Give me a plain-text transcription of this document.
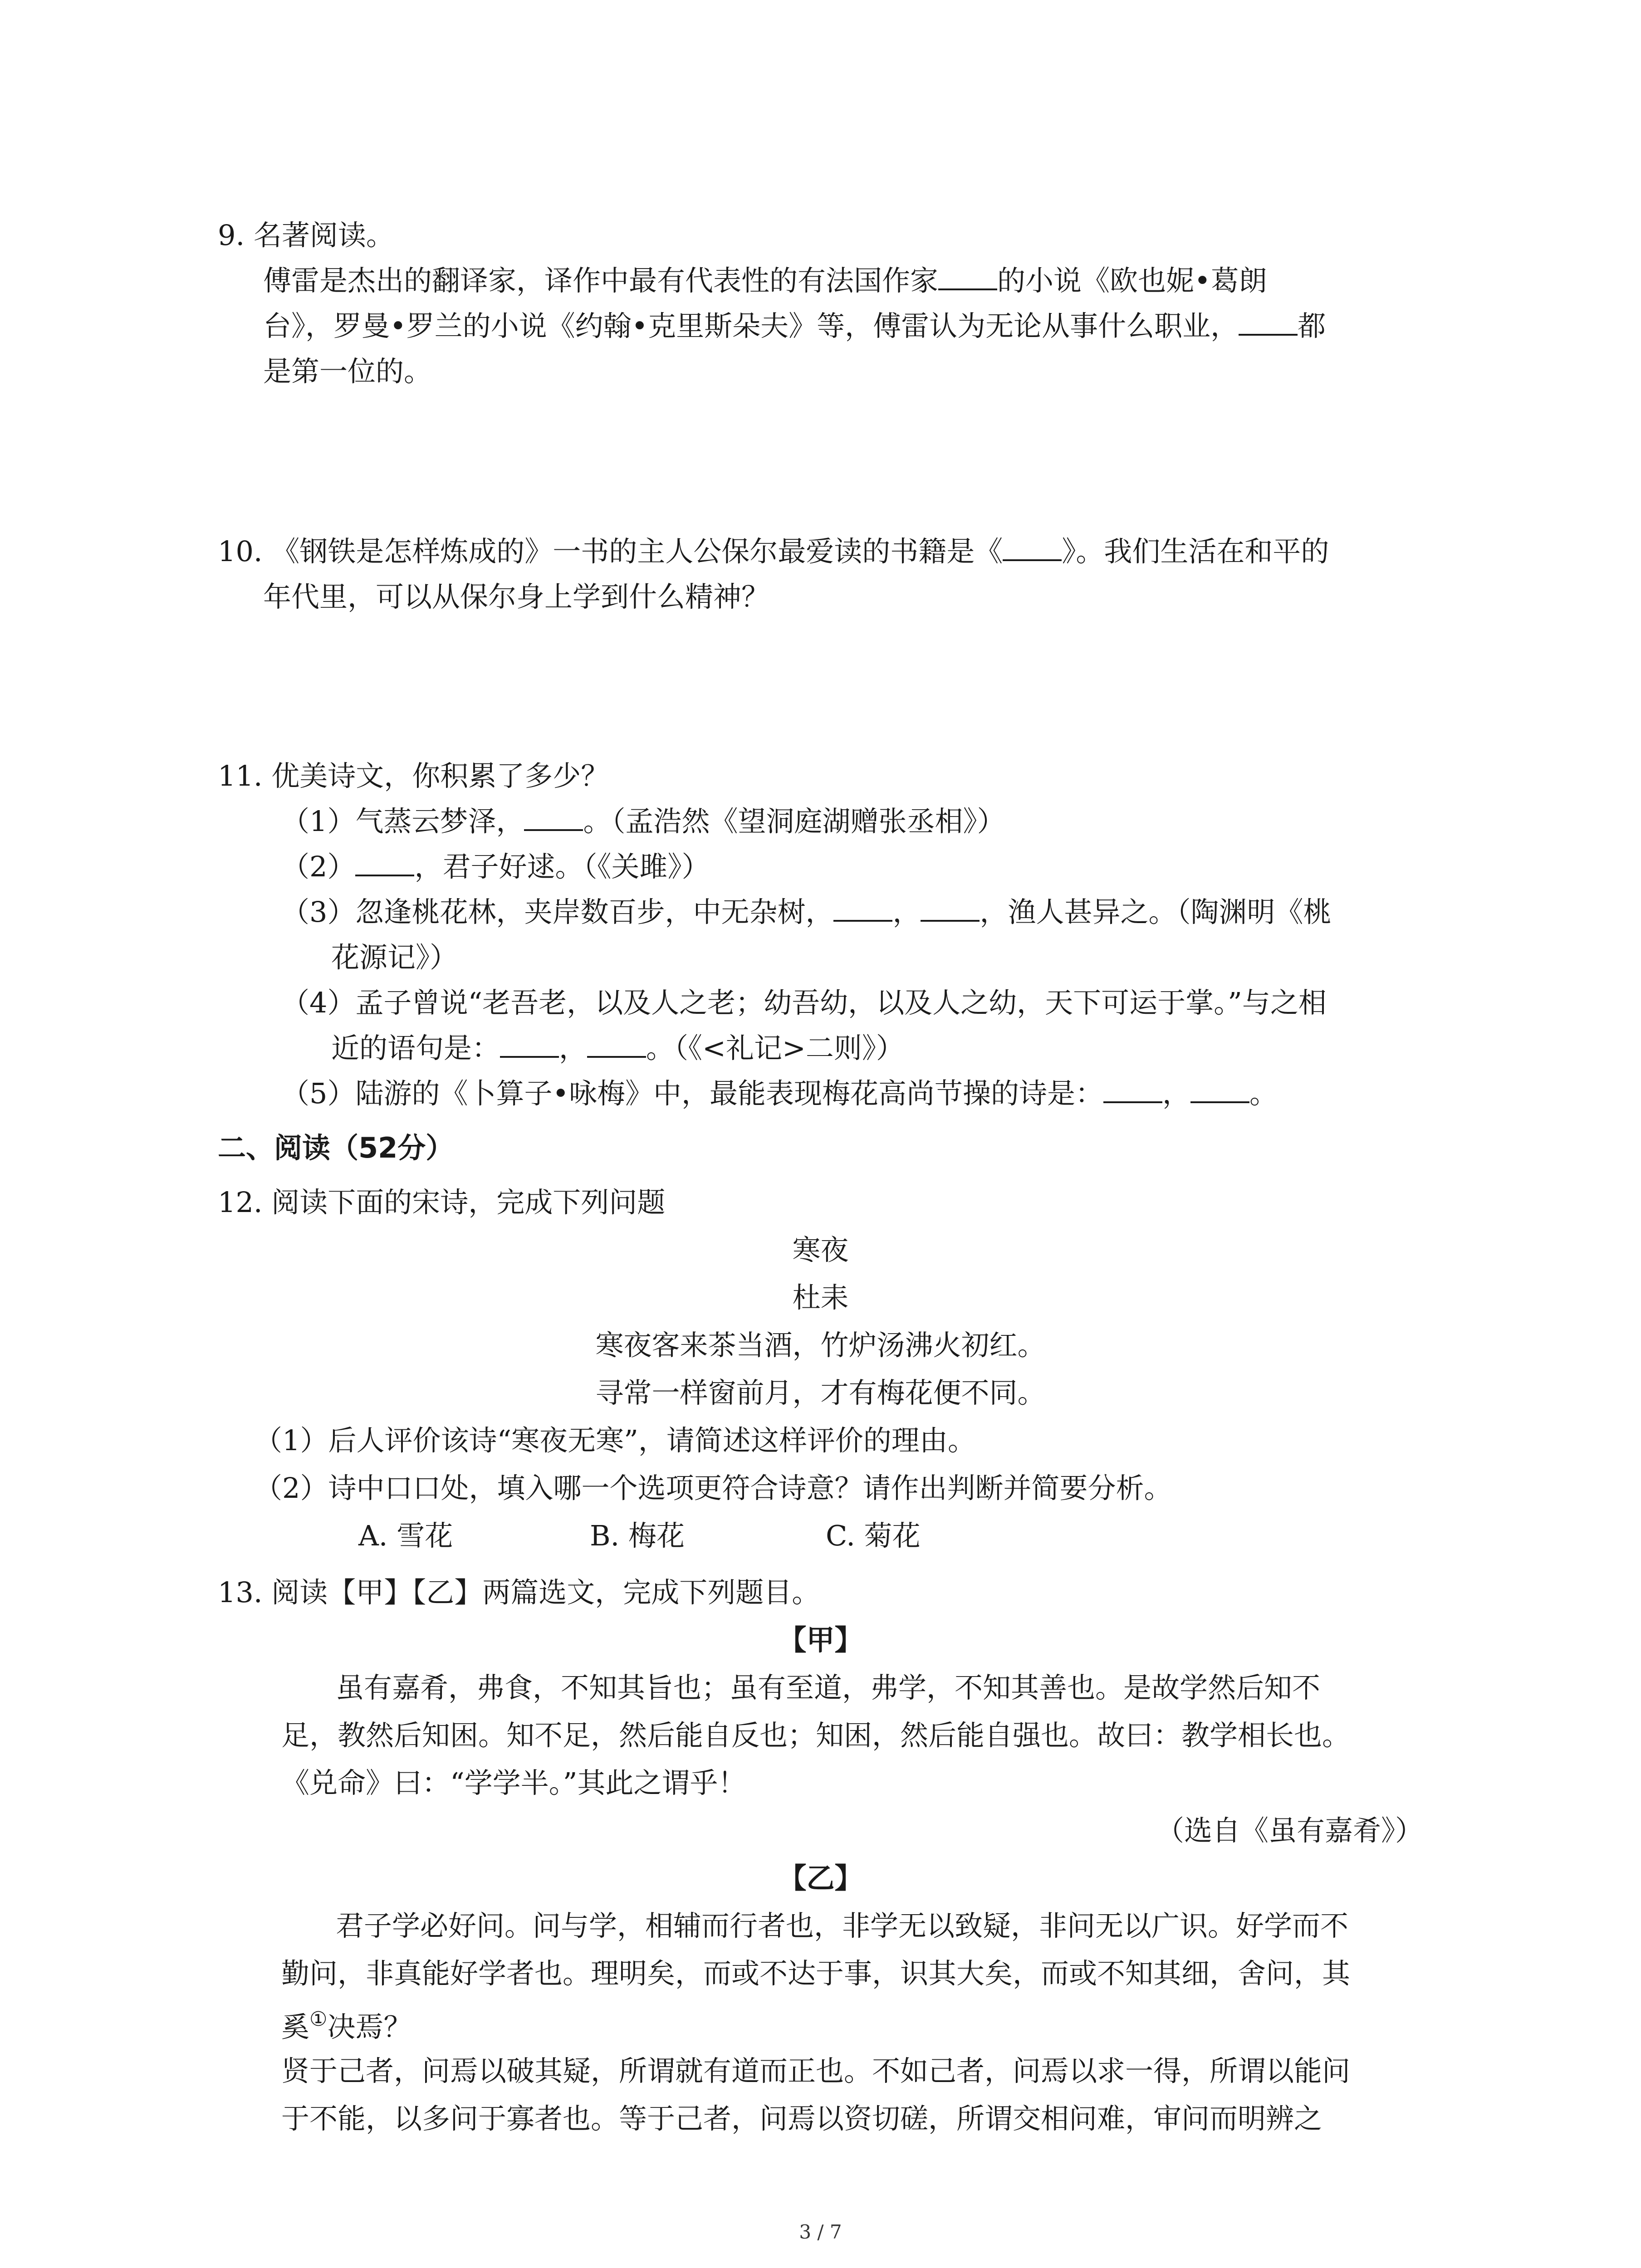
9. 名著阅读。
傅雷是杰出的翻译家，译作中最有代表性的有法国作家 的小说《欧也妮•葛朗
台》，罗曼•罗兰的小说《约翰•克里斯朵夫》等，傅雷认为无论从事什么职业， 都
是第一位的。
10. 《钢铁是怎样炼成的》一书的主人公保尔最爱读的书籍是《 》。我们生活在和平的
年代里，可以从保尔身上学到什么精神？
11. 优美诗文，你积累了多少？
（1）气蒸云梦泽， 。（孟浩然《望洞庭湖赠张丞相》）
（2） ，君子好逑。（《关雎》）
（3）忽逢桃花林，夹岸数百步，中无杂树， ， ，渔人甚异之。（陶渊明《桃
花源记》）
（4）孟子曾说“老吾老，以及人之老；幼吾幼，以及人之幼，天下可运于掌。”与之相
近的语句是： ， 。（《<礼记>二则》）
（5）陆游的《卜算子•咏梅》中，最能表现梅花高尚节操的诗是： ， 。
二、阅读（52分）
12. 阅读下面的宋诗，完成下列问题
寒夜
杜耒
寒夜客来茶当酒，竹炉汤沸火初红。
寻常一样窗前月，才有梅花便不同。
（1）后人评价该诗“寒夜无寒”，请简述这样评价的理由。
（2）诗中口口处，填入哪一个选项更符合诗意？请作出判断并简要分析。
A. 雪花	B. 梅花	C. 菊花
13. 阅读【甲】【乙】两篇选文，完成下列题目。
【甲】
虽有嘉肴，弗食，不知其旨也；虽有至道，弗学，不知其善也。是故学然后知不
足，教然后知困。知不足，然后能自反也；知困，然后能自强也。故曰：教学相长也。
《兑命》曰：“学学半。”其此之谓乎！
（选自《虽有嘉肴》）
【乙】
君子学必好问。问与学，相辅而行者也，非学无以致疑，非问无以广识。好学而不
勤问，非真能好学者也。理明矣，而或不达于事，识其大矣，而或不知其细，舍问，其
奚①决焉？
贤于己者，问焉以破其疑，所谓就有道而正也。不如己者，问焉以求一得，所谓以能问
于不能，以多问于寡者也。等于己者，问焉以资切磋，所谓交相问难，审问而明辨之
3 / 7
